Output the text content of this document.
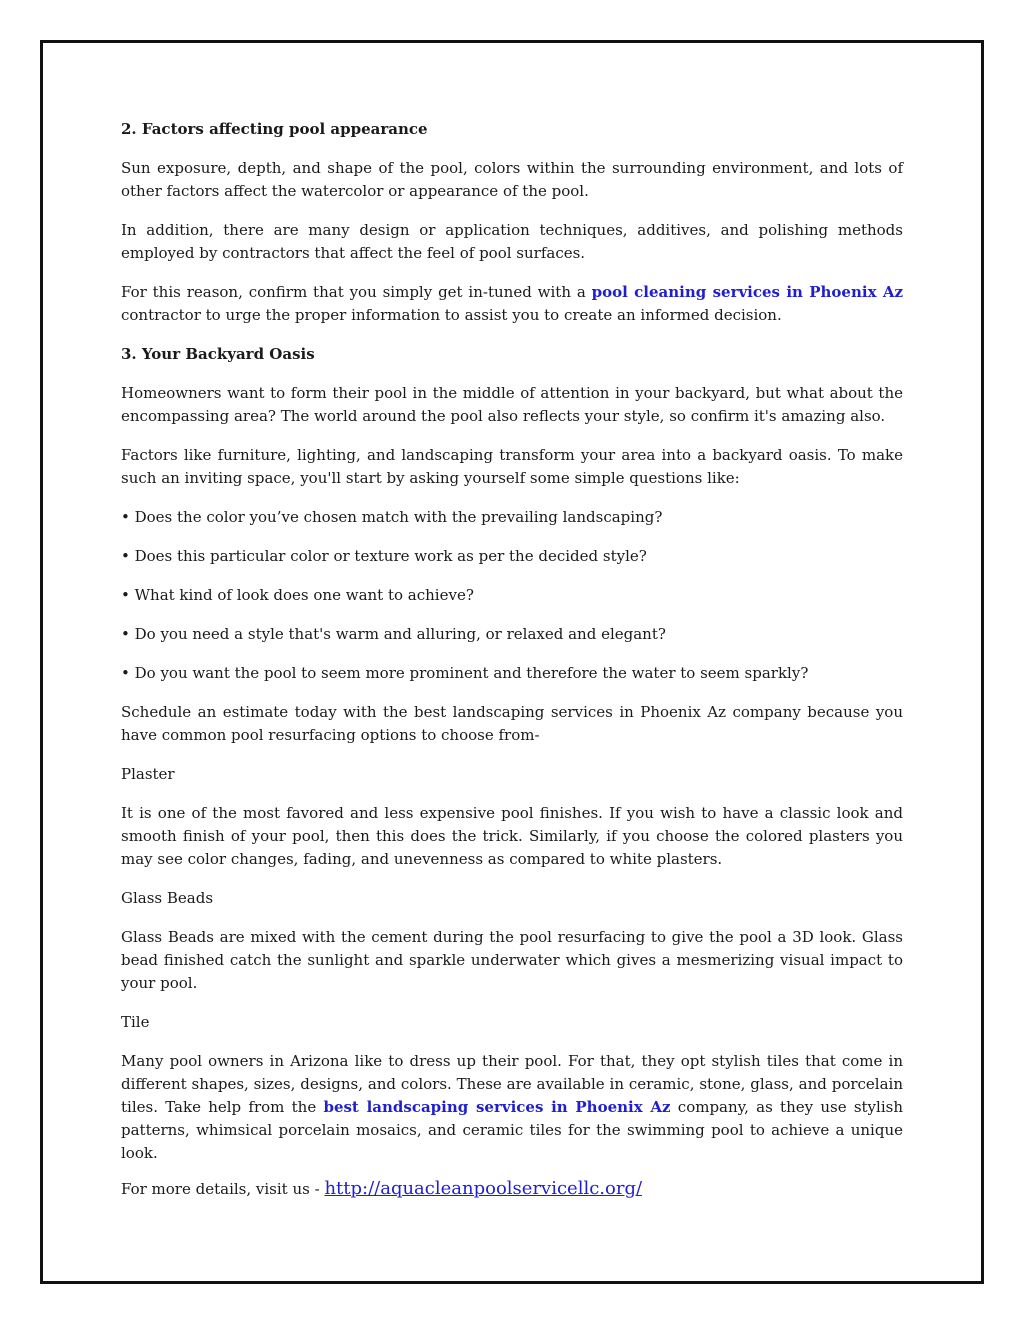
2. Factors affecting pool appearance

Sun exposure, depth, and shape of the pool, colors within the surrounding environment, and lots of other factors affect the watercolor or appearance of the pool.

In addition, there are many design or application techniques, additives, and polishing methods employed by contractors that affect the feel of pool surfaces.

For this reason, confirm that you simply get in-tuned with a pool cleaning services in Phoenix Az contractor to urge the proper information to assist you to create an informed decision.

3. Your Backyard Oasis

Homeowners want to form their pool in the middle of attention in your backyard, but what about the encompassing area? The world around the pool also reflects your style, so confirm it's amazing also.

Factors like furniture, lighting, and landscaping transform your area into a backyard oasis. To make such an inviting space, you'll start by asking yourself some simple questions like:

• Does the color you’ve chosen match with the prevailing landscaping?
• Does this particular color or texture work as per the decided style?
• What kind of look does one want to achieve?
• Do you need a style that's warm and alluring, or relaxed and elegant?
• Do you want the pool to seem more prominent and therefore the water to seem sparkly?

Schedule an estimate today with the best landscaping services in Phoenix Az company because you have common pool resurfacing options to choose from-

Plaster

It is one of the most favored and less expensive pool finishes. If you wish to have a classic look and smooth finish of your pool, then this does the trick. Similarly, if you choose the colored plasters you may see color changes, fading, and unevenness as compared to white plasters.

Glass Beads

Glass Beads are mixed with the cement during the pool resurfacing to give the pool a 3D look. Glass bead finished catch the sunlight and sparkle underwater which gives a mesmerizing visual impact to your pool.

Tile

Many pool owners in Arizona like to dress up their pool. For that, they opt stylish tiles that come in different shapes, sizes, designs, and colors. These are available in ceramic, stone, glass, and porcelain tiles. Take help from the best landscaping services in Phoenix Az company, as they use stylish patterns, whimsical porcelain mosaics, and ceramic tiles for the swimming pool to achieve a unique look.

For more details, visit us - http://aquacleanpoolservicellc.org/
